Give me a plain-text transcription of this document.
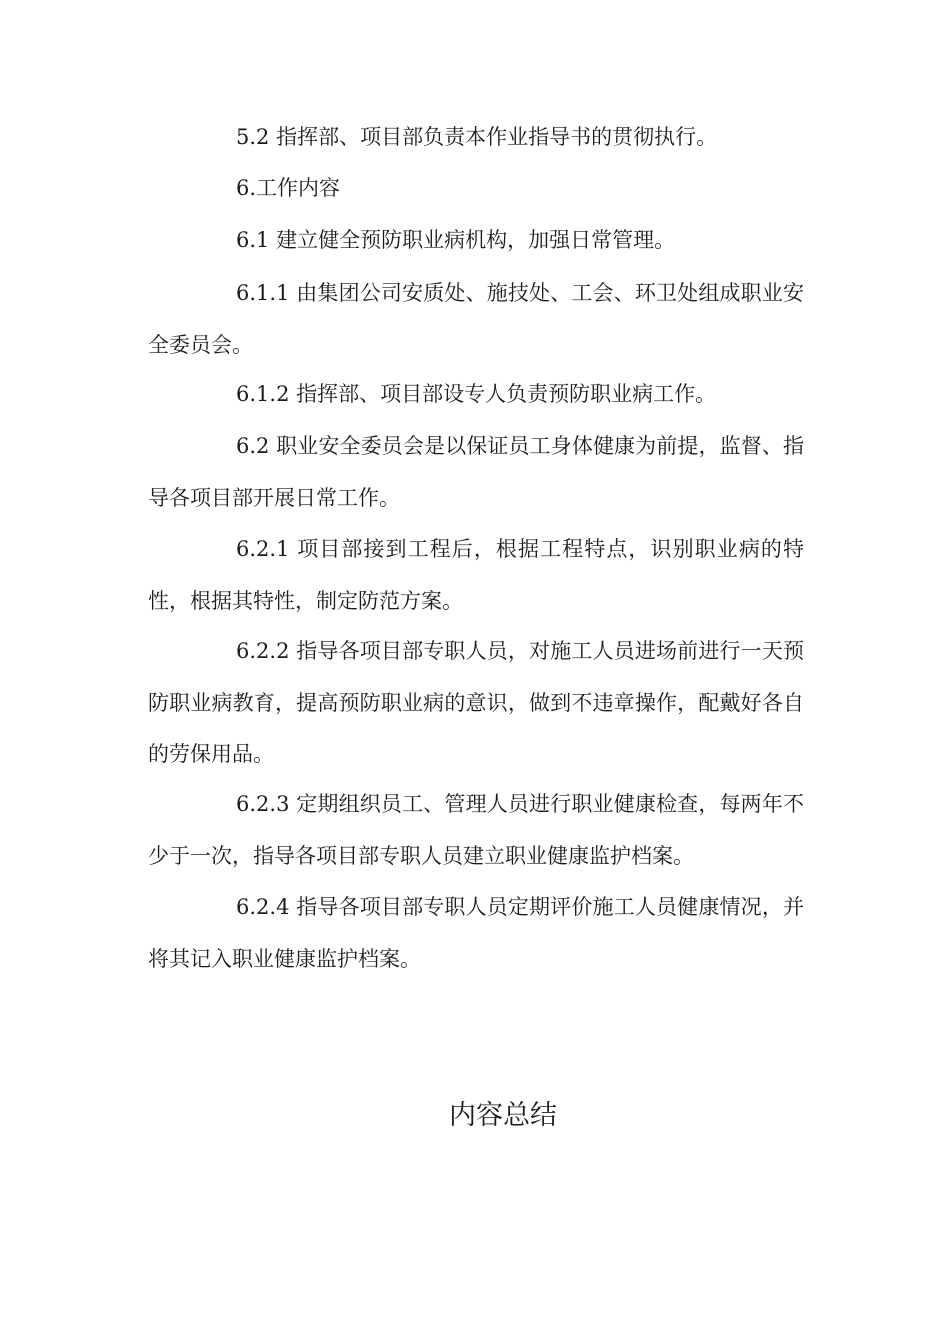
5.2 指挥部、项目部负责本作业指导书的贯彻执行。

6.工作内容

6.1 建立健全预防职业病机构，加强日常管理。

6.1.1 由集团公司安质处、施技处、工会、环卫处组成职业安全委员会。

6.1.2 指挥部、项目部设专人负责预防职业病工作。

6.2 职业安全委员会是以保证员工身体健康为前提，监督、指导各项目部开展日常工作。

6.2.1 项目部接到工程后，根据工程特点，识别职业病的特性，根据其特性，制定防范方案。

6.2.2 指导各项目部专职人员，对施工人员进场前进行一天预防职业病教育，提高预防职业病的意识，做到不违章操作，配戴好各自的劳保用品。

6.2.3 定期组织员工、管理人员进行职业健康检查，每两年不少于一次，指导各项目部专职人员建立职业健康监护档案。

6.2.4 指导各项目部专职人员定期评价施工人员健康情况，并将其记入职业健康监护档案。

内容总结
